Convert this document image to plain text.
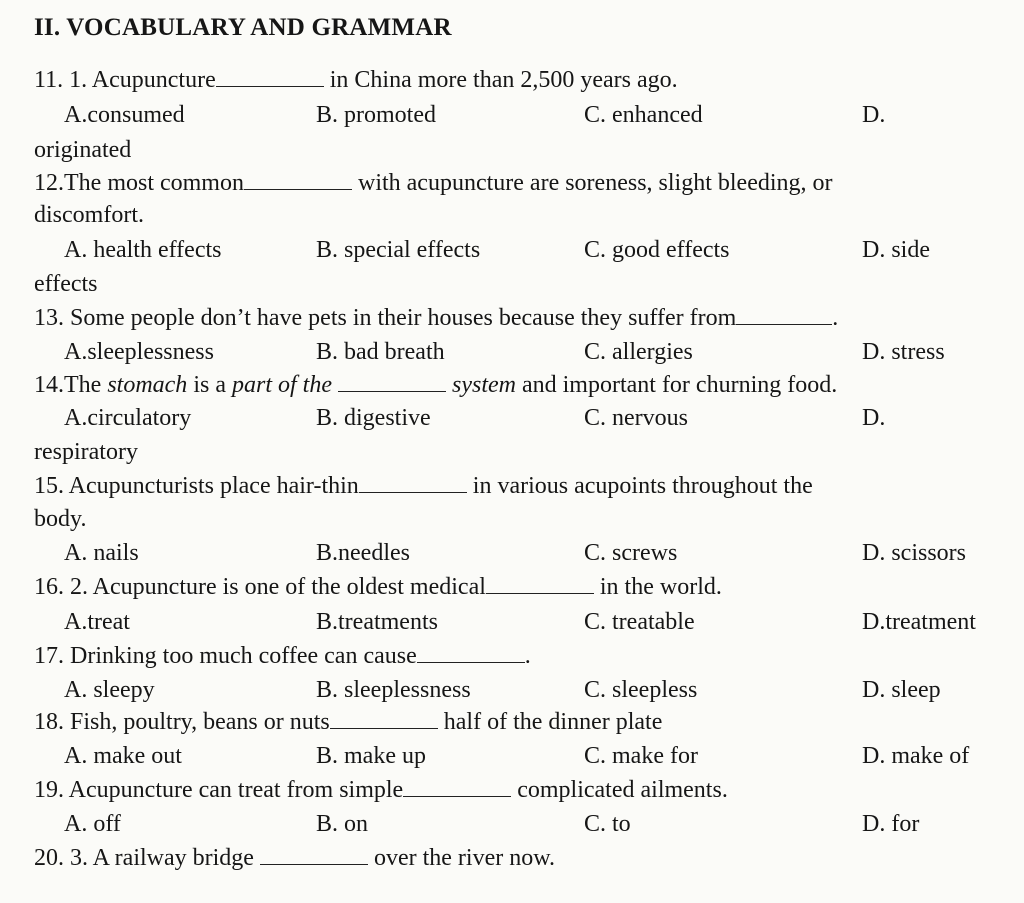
II. VOCABULARY AND GRAMMAR
11. 1. Acupuncture	in China more than 2,500 years ago.
A.consumed	B. promoted	C. enhanced	D.
originated
12.The most common	with acupuncture are soreness, slight bleeding, or
discomfort.
A. health effects	B. special effects	C. good effects	D. side
effects
13. Some people don’t have pets in their houses because they suffer from	.
A.sleeplessness	B. bad breath	C. allergies	D. stress
14.The stomach is a part of the	system and important for churning food.
A.circulatory	B. digestive	C. nervous	D.
respiratory
15. Acupuncturists place hair-thin	in various acupoints throughout the
body.
A. nails	B.needles	C. screws	D. scissors
16. 2. Acupuncture is one of the oldest medical	in the world.
A.treat	B.treatments	C. treatable	D.treatment
17. Drinking too much coffee can cause	.
A. sleepy	B. sleeplessness	C. sleepless	D. sleep
18. Fish, poultry, beans or nuts	half of the dinner plate
A. make out	B. make up	C. make for	D. make of
19. Acupuncture can treat from simple	complicated ailments.
A. off	B. on	C. to	D. for
20. 3. A railway bridge	over the river now.
